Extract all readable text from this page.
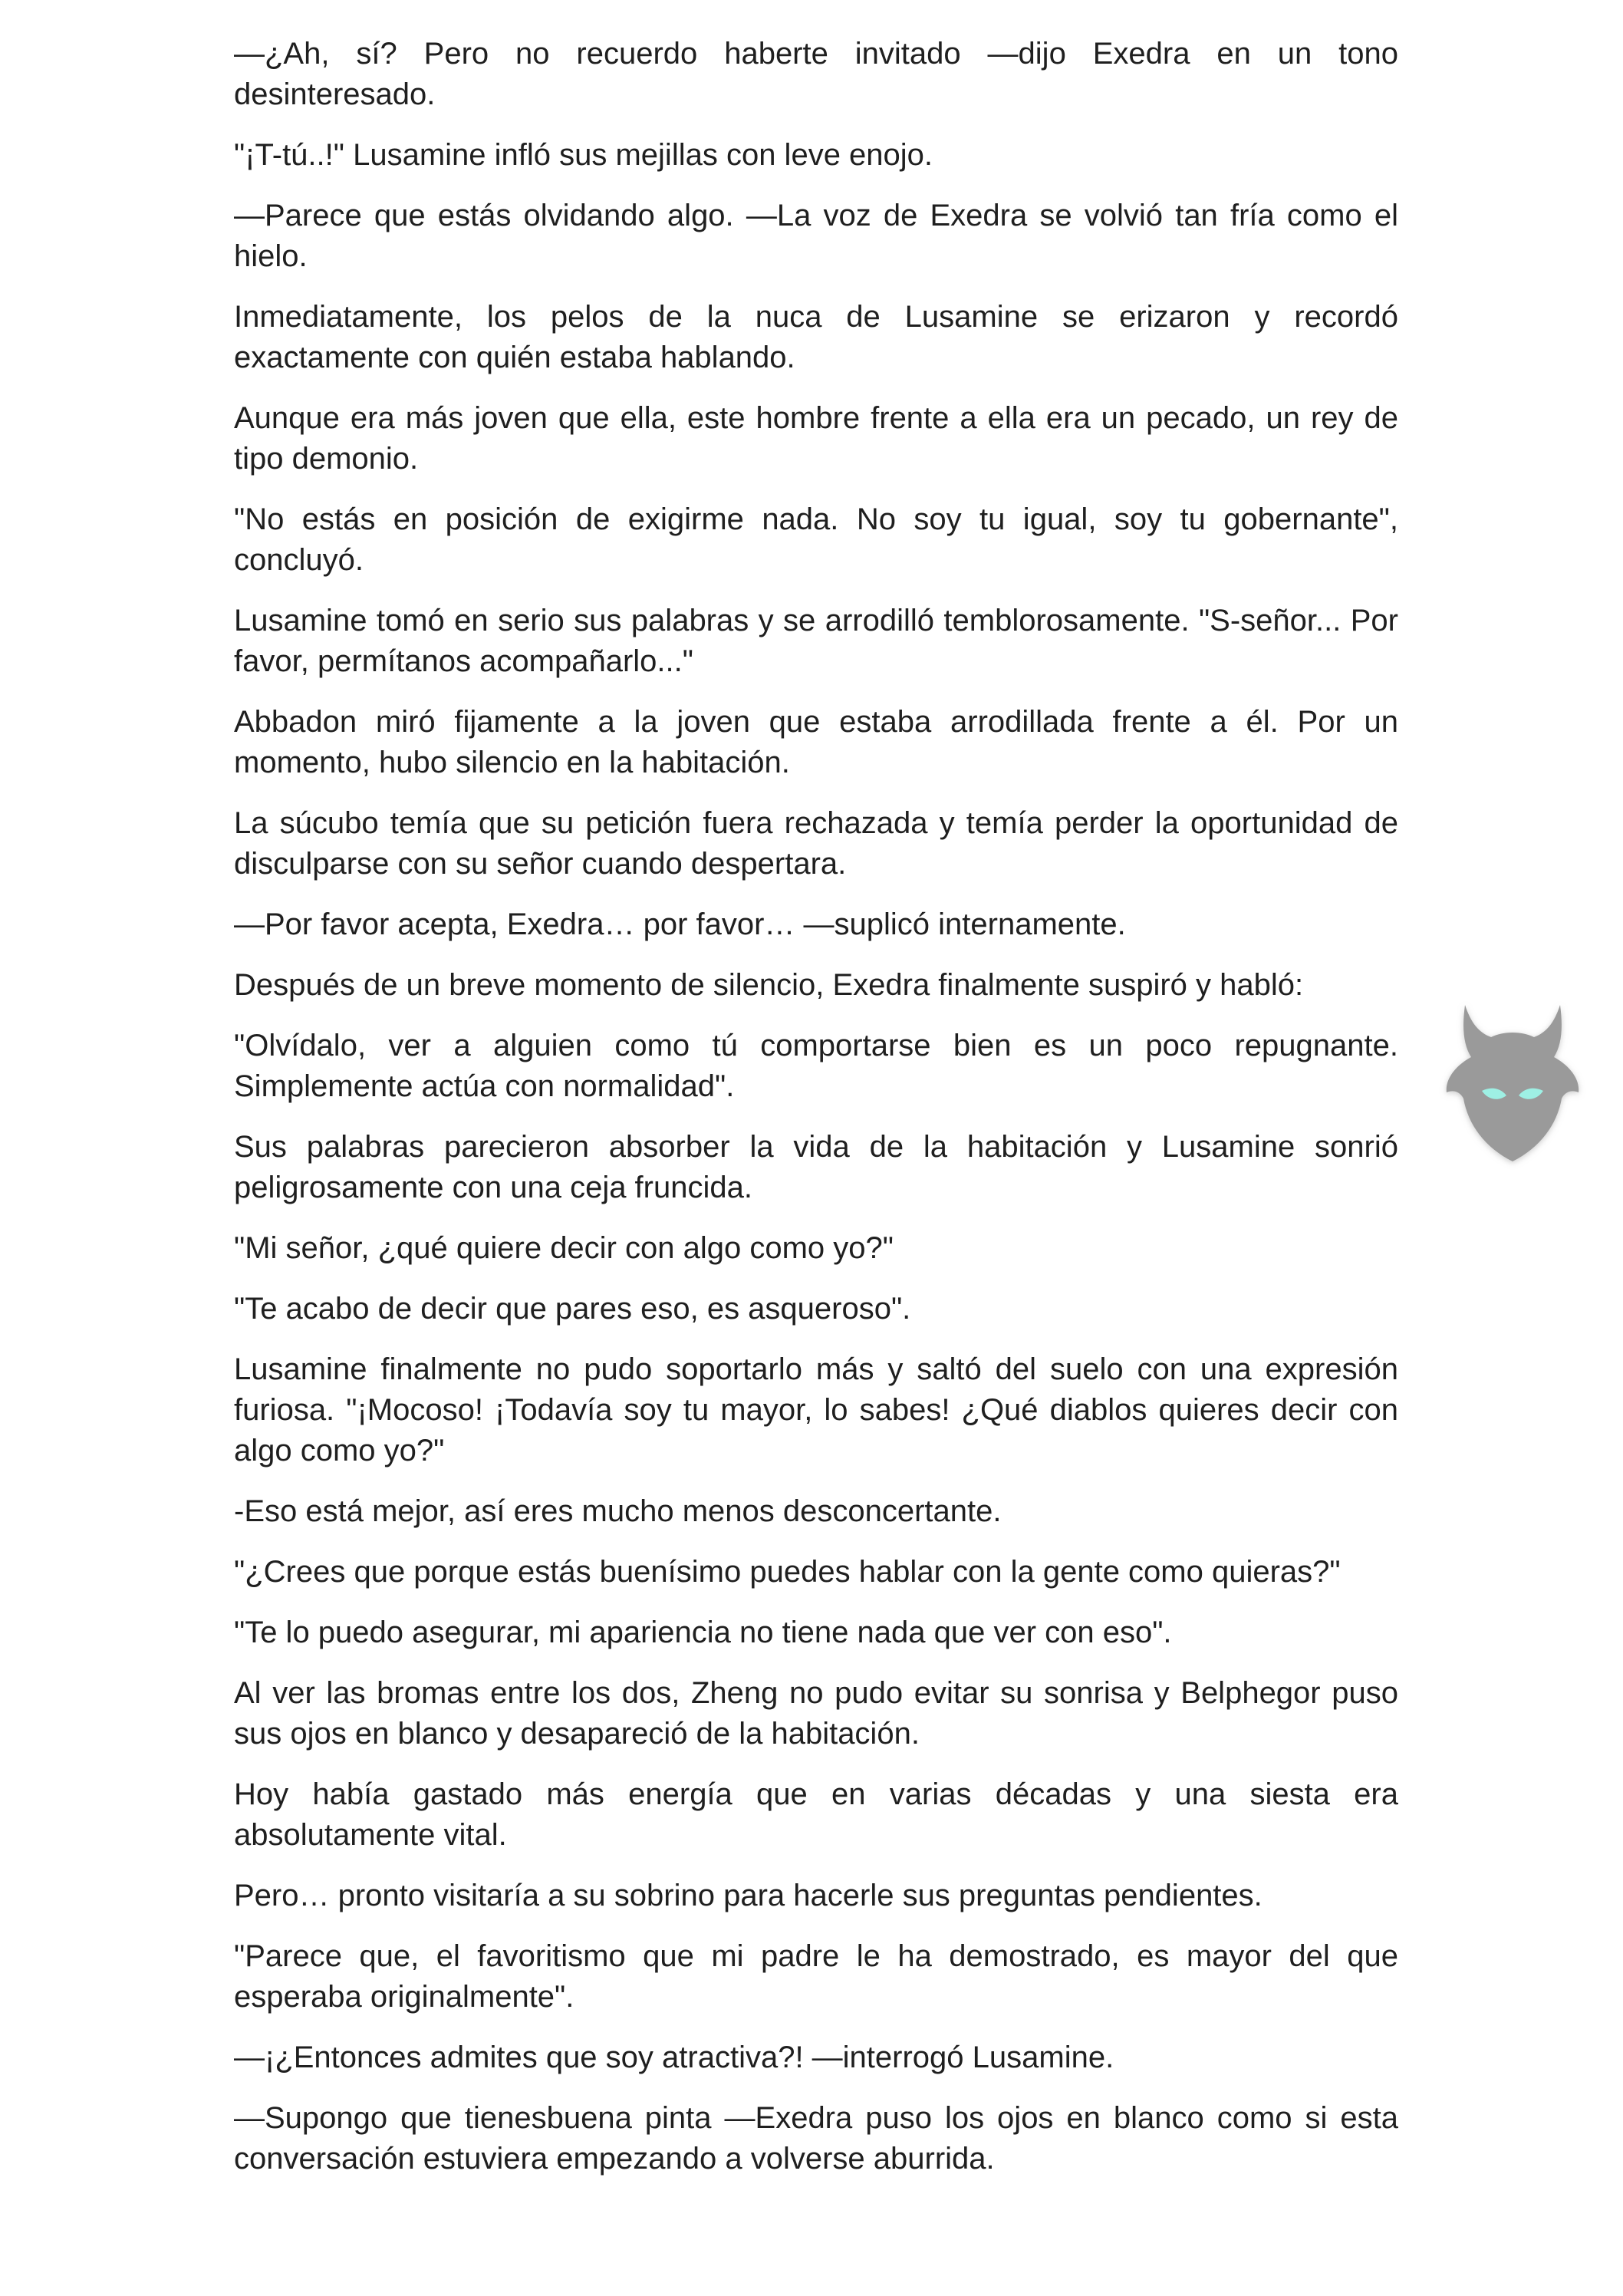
—¿Ah, sí? Pero no recuerdo haberte invitado —dijo Exedra en un tono desinteresado.

"¡T-tú..!" Lusamine infló sus mejillas con leve enojo.

—Parece que estás olvidando algo. —La voz de Exedra se volvió tan fría como el hielo.

Inmediatamente, los pelos de la nuca de Lusamine se erizaron y recordó exactamente con quién estaba hablando.

Aunque era más joven que ella, este hombre frente a ella era un pecado, un rey de tipo demonio.

"No estás en posición de exigirme nada. No soy tu igual, soy tu gobernante", concluyó.

Lusamine tomó en serio sus palabras y se arrodilló temblorosamente. "S-señor... Por favor, permítanos acompañarlo..."

Abbadon miró fijamente a la joven que estaba arrodillada frente a él. Por un momento, hubo silencio en la habitación.

La súcubo temía que su petición fuera rechazada y temía perder la oportunidad de disculparse con su señor cuando despertara.

—Por favor acepta, Exedra… por favor… —suplicó internamente.

Después de un breve momento de silencio, Exedra finalmente suspiró y habló:

"Olvídalo, ver a alguien como tú comportarse bien es un poco repugnante. Simplemente actúa con normalidad".

Sus palabras parecieron absorber la vida de la habitación y Lusamine sonrió peligrosamente con una ceja fruncida.

"Mi señor, ¿qué quiere decir con algo como yo?"

"Te acabo de decir que pares eso, es asqueroso".

Lusamine finalmente no pudo soportarlo más y saltó del suelo con una expresión furiosa. "¡Mocoso! ¡Todavía soy tu mayor, lo sabes! ¿Qué diablos quieres decir con algo como yo?"

-Eso está mejor, así eres mucho menos desconcertante.

"¿Crees que porque estás buenísimo puedes hablar con la gente como quieras?"

"Te lo puedo asegurar, mi apariencia no tiene nada que ver con eso".

Al ver las bromas entre los dos, Zheng no pudo evitar su sonrisa y Belphegor puso sus ojos en blanco y desapareció de la habitación.

Hoy había gastado más energía que en varias décadas y una siesta era absolutamente vital.

Pero… pronto visitaría a su sobrino para hacerle sus preguntas pendientes.

"Parece que, el favoritismo que mi padre le ha demostrado, es mayor del que esperaba originalmente".

—¡¿Entonces admites que soy atractiva?! —interrogó Lusamine.

—Supongo que tienesbuena pinta —Exedra puso los ojos en blanco como si esta conversación estuviera empezando a volverse aburrida.
